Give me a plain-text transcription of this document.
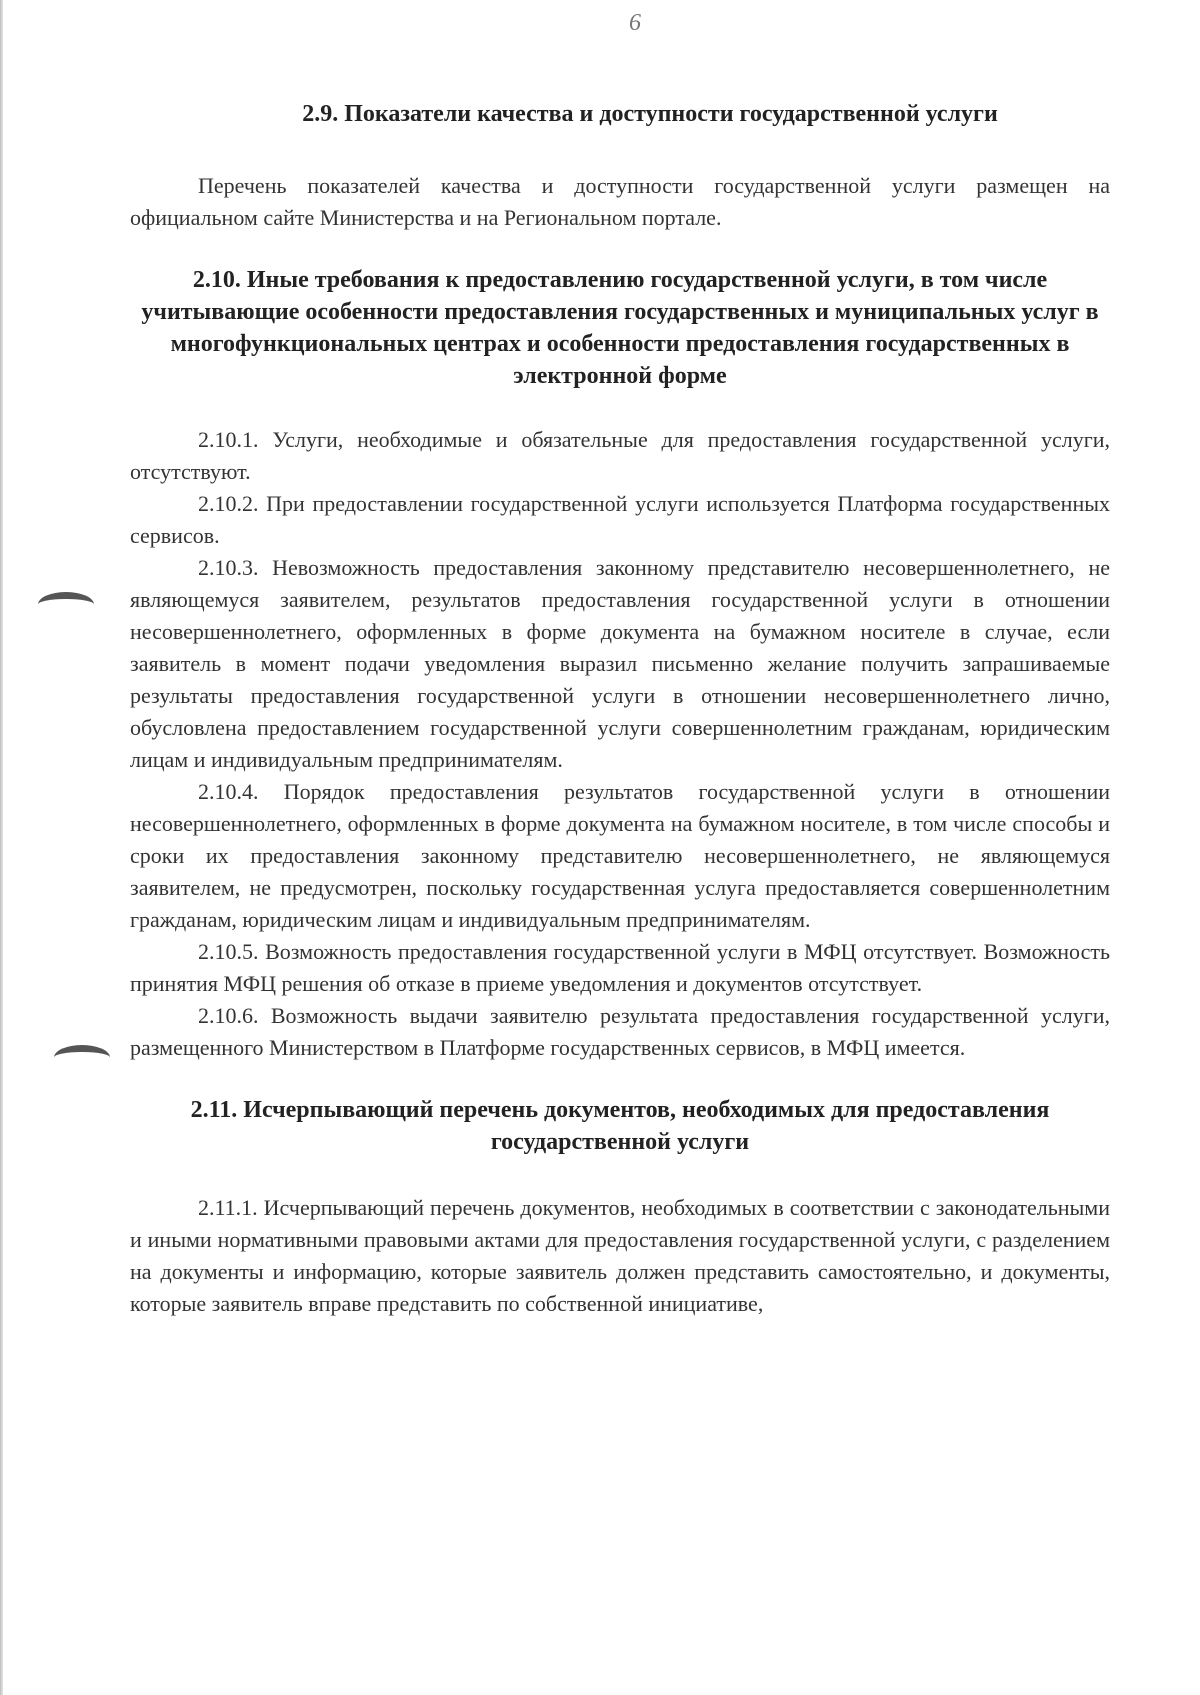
6
2.9. Показатели качества и доступности государственной услуги

Перечень показателей качества и доступности государственной услуги размещен на официальном сайте Министерства и на Региональном портале.

2.10. Иные требования к предоставлению государственной услуги, в том числе учитывающие особенности предоставления государственных и муниципальных услуг в многофункциональных центрах и особенности предоставления государственных в электронной форме

2.10.1. Услуги, необходимые и обязательные для предоставления государственной услуги, отсутствуют.

2.10.2. При предоставлении государственной услуги используется Платформа государственных сервисов.

2.10.3. Невозможность предоставления законному представителю несовершеннолетнего, не являющемуся заявителем, результатов предоставления государственной услуги в отношении несовершеннолетнего, оформленных в форме документа на бумажном носителе в случае, если заявитель в момент подачи уведомления выразил письменно желание получить запрашиваемые результаты предоставления государственной услуги в отношении несовершеннолетнего лично, обусловлена предоставлением государственной услуги совершеннолетним гражданам, юридическим лицам и индивидуальным предпринимателям.

2.10.4. Порядок предоставления результатов государственной услуги в отношении несовершеннолетнего, оформленных в форме документа на бумажном носителе, в том числе способы и сроки их предоставления законному представителю несовершеннолетнего, не являющемуся заявителем, не предусмотрен, поскольку государственная услуга предоставляется совершеннолетним гражданам, юридическим лицам и индивидуальным предпринимателям.

2.10.5. Возможность предоставления государственной услуги в МФЦ отсутствует. Возможность принятия МФЦ решения об отказе в приеме уведомления и документов отсутствует.

2.10.6. Возможность выдачи заявителю результата предоставления государственной услуги, размещенного Министерством в Платформе государственных сервисов, в МФЦ имеется.

2.11. Исчерпывающий перечень документов, необходимых для предоставления государственной услуги

2.11.1. Исчерпывающий перечень документов, необходимых в соответствии с законодательными и иными нормативными правовыми актами для предоставления государственной услуги, с разделением на документы и информацию, которые заявитель должен представить самостоятельно, и документы, которые заявитель вправе представить по собственной инициативе,
